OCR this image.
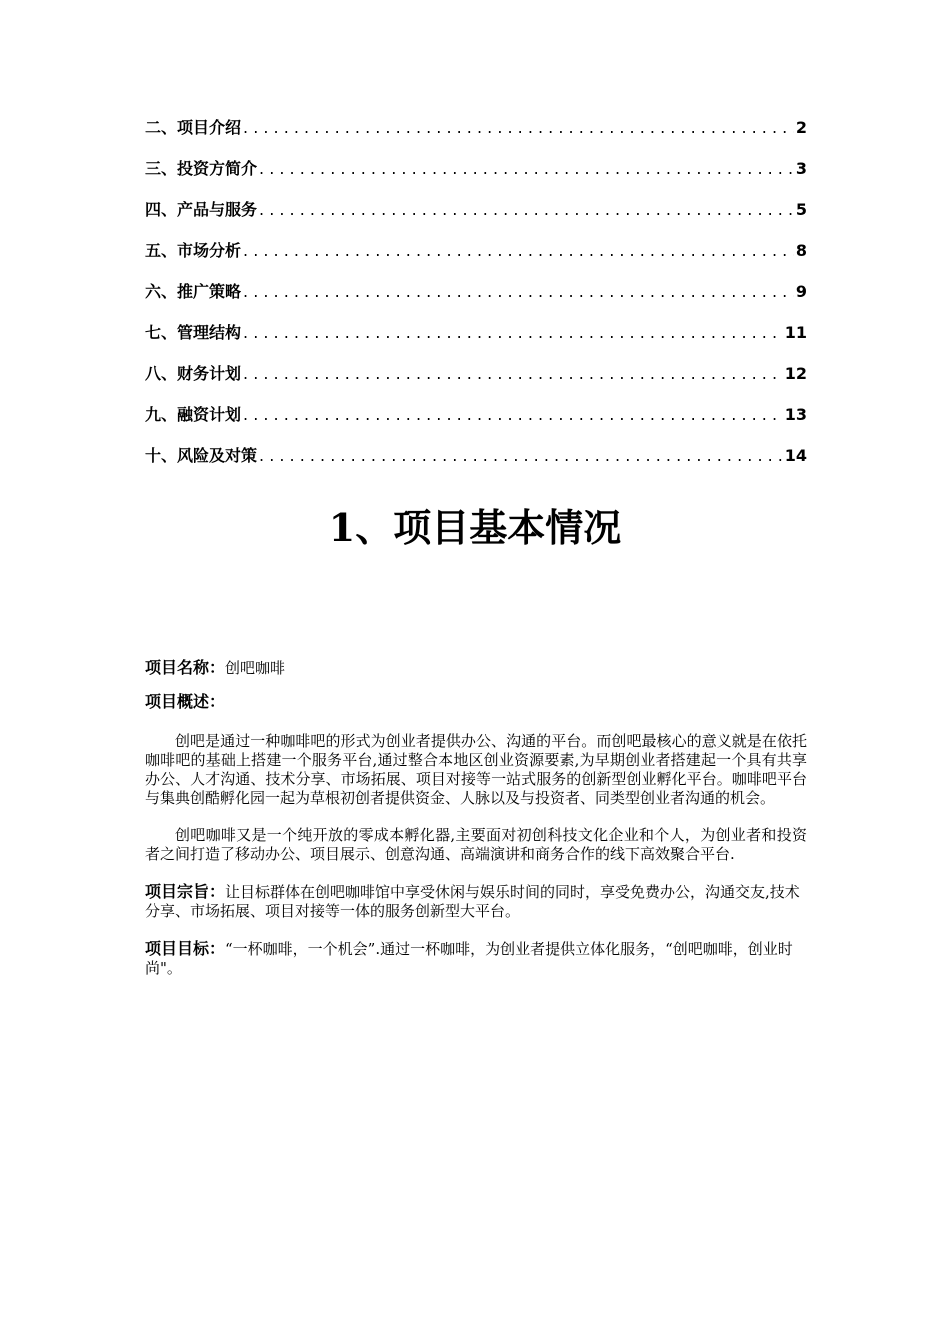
二、项目介绍 . . .	2
三、投资方简介 . . .	3
四、产品与服务 . . .	5
五、市场分析 . . .	8
六、推广策略 . . .	9
七、管理结构 . . .	11
八、财务计划 . . .	12
九、融资计划 . . .	13
十、风险及对策 . . .	14
1、项目基本情况

项目名称：创吧咖啡

项目概述：

创吧是通过一种咖啡吧的形式为创业者提供办公、沟通的平台。而创吧最核心的意义就是在依托咖啡吧的基础上搭建一个服务平台,通过整合本地区创业资源要素,为早期创业者搭建起一个具有共享办公、人才沟通、技术分享、市场拓展、项目对接等一站式服务的创新型创业孵化平台。咖啡吧平台与集典创酷孵化园一起为草根初创者提供资金、人脉以及与投资者、同类型创业者沟通的机会。

创吧咖啡又是一个纯开放的零成本孵化器,主要面对初创科技文化企业和个人，为创业者和投资者之间打造了移动办公、项目展示、创意沟通、高端演讲和商务合作的线下高效聚合平台.

项目宗旨：让目标群体在创吧咖啡馆中享受休闲与娱乐时间的同时，享受免费办公，沟通交友,技术分享、市场拓展、项目对接等一体的服务创新型大平台。

项目目标：“一杯咖啡，一个机会”.通过一杯咖啡，为创业者提供立体化服务，“创吧咖啡，创业时尚"。
